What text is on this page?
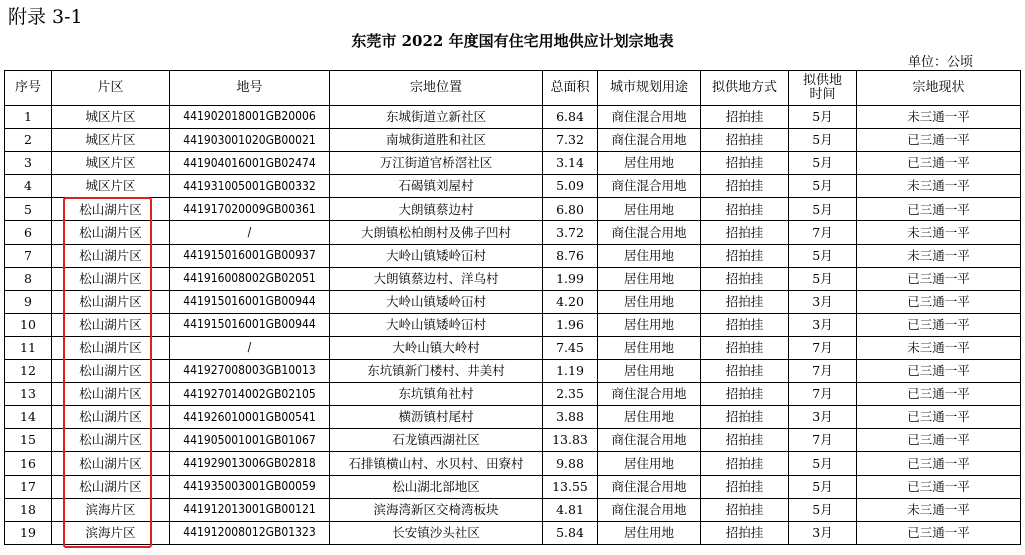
附录 3-1
东莞市 2022 年度国有住宅用地供应计划宗地表
单位：公顷
序号	片区	地号	宗地位置	总面积	城市规划用途	拟供地方式	拟供地时间	宗地现状
1	城区片区	441902018001GB20006	东城街道立新社区	6.84	商住混合用地	招拍挂	5月	未三通一平
2	城区片区	441903001020GB00021	南城街道胜和社区	7.32	商住混合用地	招拍挂	5月	已三通一平
3	城区片区	441904016001GB02474	万江街道官桥滘社区	3.14	居住用地	招拍挂	5月	已三通一平
4	城区片区	441931005001GB00332	石碣镇刘屋村	5.09	商住混合用地	招拍挂	5月	未三通一平
5	松山湖片区	441917020009GB00361	大朗镇蔡边村	6.80	居住用地	招拍挂	5月	已三通一平
6	松山湖片区	/	大朗镇松柏朗村及佛子凹村	3.72	商住混合用地	招拍挂	7月	未三通一平
7	松山湖片区	441915016001GB00937	大岭山镇矮岭冚村	8.76	居住用地	招拍挂	5月	未三通一平
8	松山湖片区	441916008002GB02051	大朗镇蔡边村、洋乌村	1.99	居住用地	招拍挂	5月	已三通一平
9	松山湖片区	441915016001GB00944	大岭山镇矮岭冚村	4.20	居住用地	招拍挂	3月	已三通一平
10	松山湖片区	441915016001GB00944	大岭山镇矮岭冚村	1.96	居住用地	招拍挂	3月	已三通一平
11	松山湖片区	/	大岭山镇大岭村	7.45	居住用地	招拍挂	7月	未三通一平
12	松山湖片区	441927008003GB10013	东坑镇新门楼村、井美村	1.19	居住用地	招拍挂	7月	已三通一平
13	松山湖片区	441927014002GB02105	东坑镇角社村	2.35	商住混合用地	招拍挂	7月	已三通一平
14	松山湖片区	441926010001GB00541	横沥镇村尾村	3.88	居住用地	招拍挂	3月	已三通一平
15	松山湖片区	441905001001GB01067	石龙镇西湖社区	13.83	商住混合用地	招拍挂	7月	已三通一平
16	松山湖片区	441929013006GB02818	石排镇横山村、水贝村、田寮村	9.88	居住用地	招拍挂	5月	已三通一平
17	松山湖片区	441935003001GB00059	松山湖北部地区	13.55	商住混合用地	招拍挂	5月	已三通一平
18	滨海片区	441912013001GB00121	滨海湾新区交椅湾板块	4.81	商住混合用地	招拍挂	5月	未三通一平
19	滨海片区	441912008012GB01323	长安镇沙头社区	5.84	居住用地	招拍挂	3月	已三通一平
